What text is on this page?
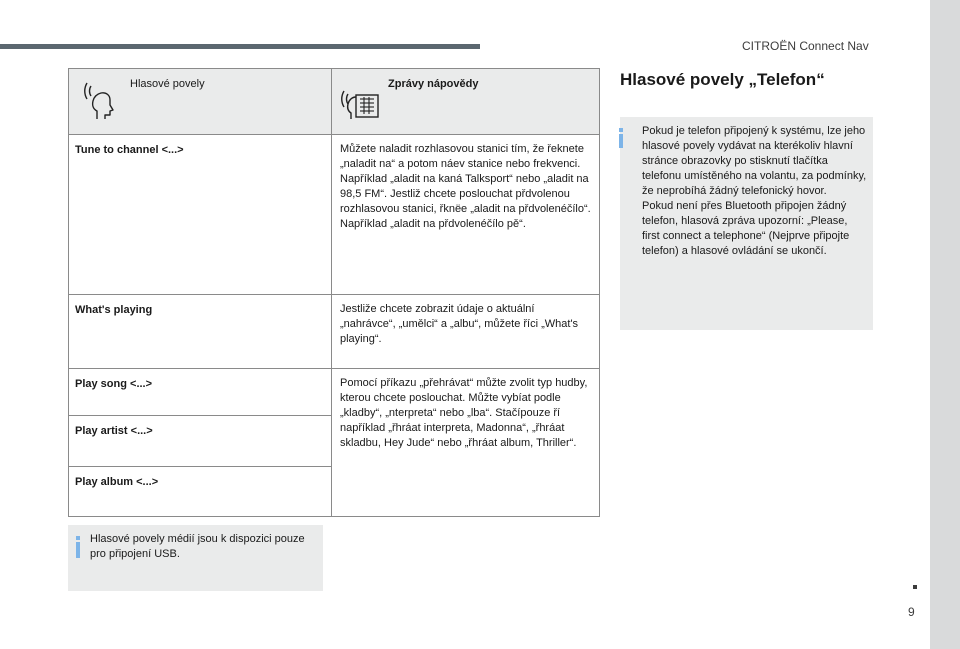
CITROËN Connect Nav
9
Hlasové povely	Zprávy nápovědy

Tune to channel <...>	Můžete naladit rozhlasovou stanici tím, že řeknete „naladit na“ a potom náev stanice nebo frekvenci. Například „aladit na kaná Talksport“ nebo „aladit na 98,5 FM“. Jestliž chcete poslouchat přdvolenou rozhlasovou stanici, řknëe „aladit na přdvolenéčílo“. Například „aladit na přdvolenéčílo pě“.

What's playing	Jestliže chcete zobrazit údaje o aktuální „nahrávce“, „umělci“ a „albu“, můžete říci „What's playing“.

Play song <...>	Pomocí příkazu „přehrávat“ můžte zvolit typ hudby, kterou chcete poslouchat. Můžte vybíat podle „kladby“, „nterpreta“ nebo „lba“. Stačípouze ří například „řhráat interpreta, Madonna“, „řhráat skladbu, Hey Jude“ nebo „řhráat album, Thriller“.

Play artist <...>	

Play album <...>	
Hlasové povely médií jsou k dispozici pouze pro připojení USB.
Hlasové povely „Telefon“
Pokud je telefon připojený k systému, lze jeho hlasové povely vydávat na kterékoliv hlavní stránce obrazovky po stisknutí tlačítka telefonu umístěného na volantu, za podmínky, že neprobíhá žádný telefonický hovor.
Pokud není přes Bluetooth připojen žádný telefon, hlasová zpráva upozorní: „Please, first connect a telephone“ (Nejprve připojte telefon) a hlasové ovládání se ukončí.
